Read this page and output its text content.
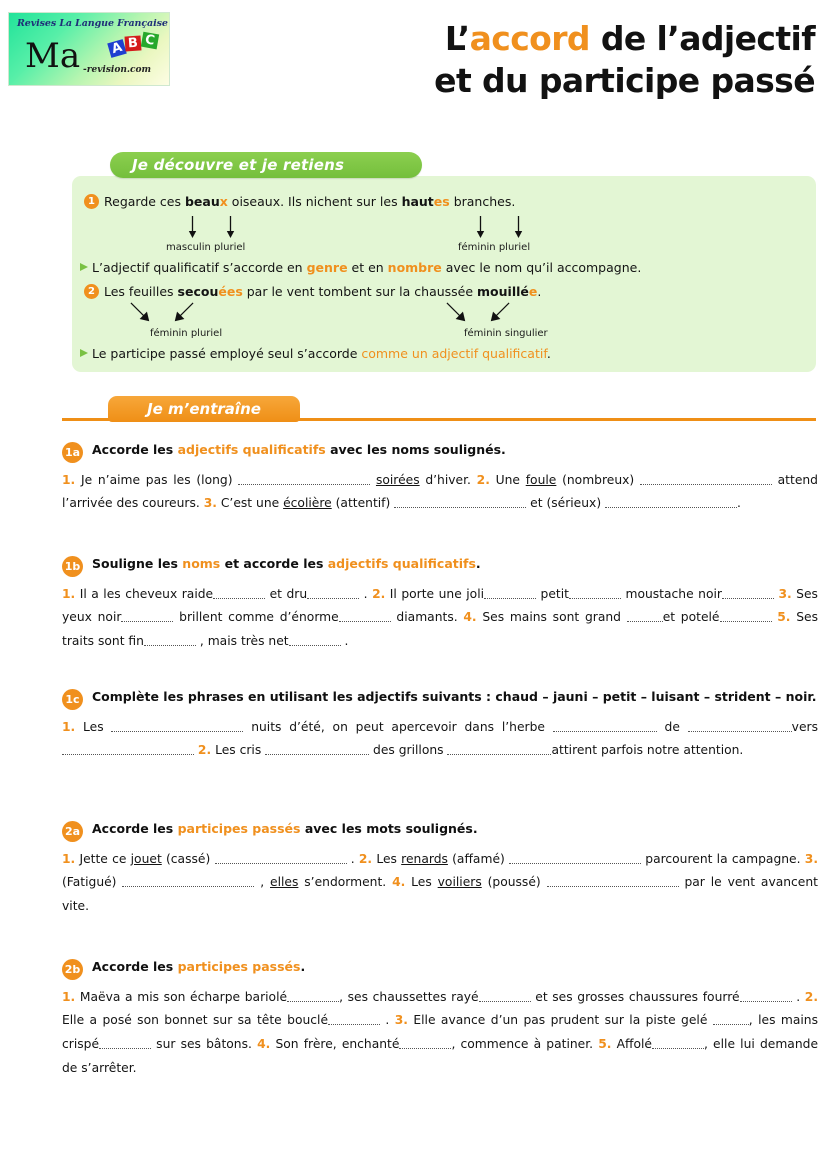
Revises La Langue Française
Ma -revision.com
A B C	L’accord de l’adjectif
et du participe passé
Je découvre et je retiens
1 Regarde ces beaux oiseaux. Ils nichent sur les hautes branches.
masculin pluriel	féminin pluriel
L’adjectif qualificatif s’accorde en genre et en nombre avec le nom qu’il accompagne.
2 Les feuilles secouées par le vent tombent sur la chaussée mouillée.
féminin pluriel	féminin singulier
Le participe passé employé seul s’accorde comme un adjectif qualificatif.
Je m’entraîne
1a Accorde les adjectifs qualificatifs avec les noms soulignés.
1. Je n’aime pas les (long)	soirées d’hiver. 2. Une foule (nombreux)	attend l’arrivée des coureurs. 3. C’est une écolière (attentif)	et (sérieux)	.
1b Souligne les noms et accorde les adjectifs qualificatifs.
1. Il a les cheveux raide	et dru	. 2. Il porte une joli	petit	moustache noir	3. Ses yeux noir	brillent comme d’énorme	diamants. 4. Ses mains sont grand	et potelé	5. Ses traits sont fin	, mais très net	.
1c Complète les phrases en utilisant les adjectifs suivants : chaud – jauni – petit – luisant – strident – noir.
1. Les	nuits d’été, on peut apercevoir dans l’herbe	de	vers  2. Les cris	des grillons	attirent parfois notre attention.
2a Accorde les participes passés avec les mots soulignés.
1. Jette ce jouet (cassé)	. 2. Les renards (affamé)	parcourent la campagne. 3. (Fatigué)	, elles s’endorment. 4. Les voiliers (poussé)	par le vent avancent vite.
2b Accorde les participes passés.
1. Maëva a mis son écharpe bariolé	, ses chaussettes rayé	et ses grosses chaussures fourré	. 2. Elle a posé son bonnet sur sa tête bouclé	. 3. Elle avance d’un pas prudent sur la piste gelé	, les mains crispé	sur ses bâtons. 4. Son frère, enchanté	, commence à patiner. 5. Affolé	, elle lui demande de s’arrêter.
